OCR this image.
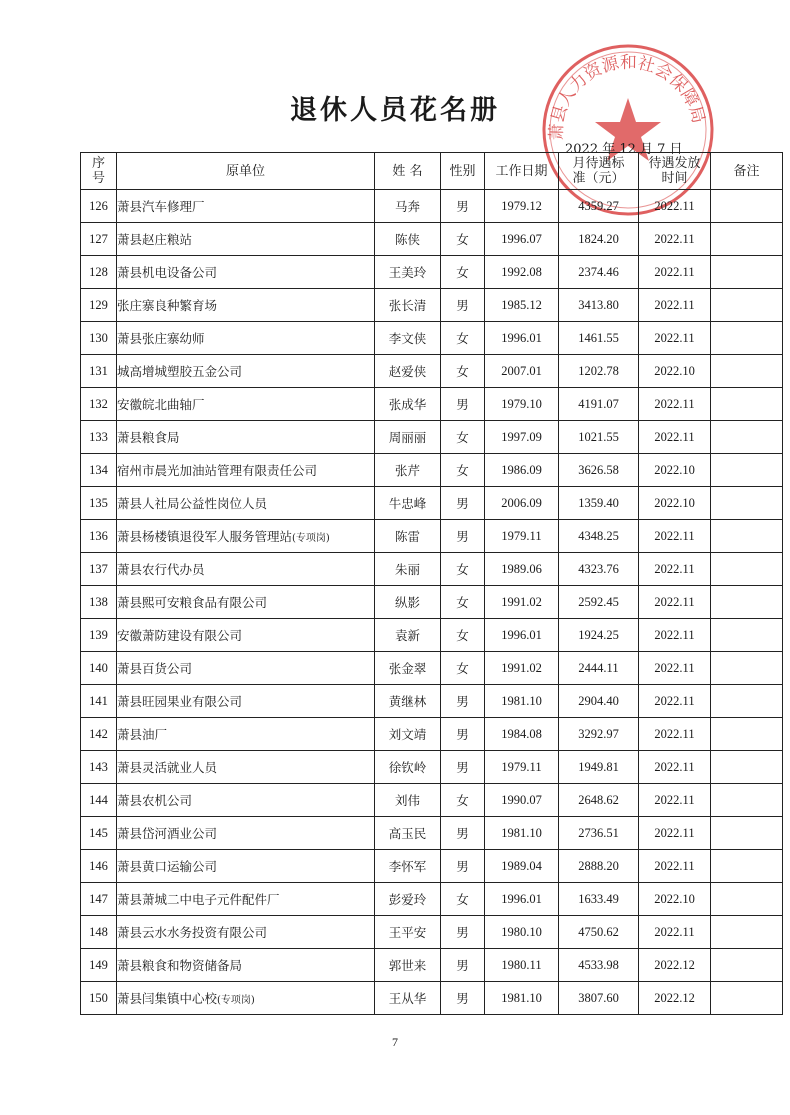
萧县人力资源和社会保障局
退休人员花名册
2022 年 12 月 7 日
序号	原单位	姓 名	性别	工作日期	月待遇标准（元）	待遇发放时间	备注
126	萧县汽车修理厂	马奔	男	1979.12	4359.27	2022.11	
127	萧县赵庄粮站	陈侠	女	1996.07	1824.20	2022.11	
128	萧县机电设备公司	王美玲	女	1992.08	2374.46	2022.11	
129	张庄寨良种繁育场	张长清	男	1985.12	3413.80	2022.11	
130	萧县张庄寨幼师	李文侠	女	1996.01	1461.55	2022.11	
131	城高增城塑胶五金公司	赵爱侠	女	2007.01	1202.78	2022.10	
132	安徽皖北曲轴厂	张成华	男	1979.10	4191.07	2022.11	
133	萧县粮食局	周丽丽	女	1997.09	1021.55	2022.11	
134	宿州市晨光加油站管理有限责任公司	张芹	女	1986.09	3626.58	2022.10	
135	萧县人社局公益性岗位人员	牛忠峰	男	2006.09	1359.40	2022.10	
136	萧县杨楼镇退役军人服务管理站(专项岗)	陈雷	男	1979.11	4348.25	2022.11	
137	萧县农行代办员	朱丽	女	1989.06	4323.76	2022.11	
138	萧县熙可安粮食品有限公司	纵影	女	1991.02	2592.45	2022.11	
139	安徽萧防建设有限公司	袁新	女	1996.01	1924.25	2022.11	
140	萧县百货公司	张金翠	女	1991.02	2444.11	2022.11	
141	萧县旺园果业有限公司	黄继林	男	1981.10	2904.40	2022.11	
142	萧县油厂	刘文靖	男	1984.08	3292.97	2022.11	
143	萧县灵活就业人员	徐钦岭	男	1979.11	1949.81	2022.11	
144	萧县农机公司	刘伟	女	1990.07	2648.62	2022.11	
145	萧县岱河酒业公司	高玉民	男	1981.10	2736.51	2022.11	
146	萧县黄口运输公司	李怀军	男	1989.04	2888.20	2022.11	
147	萧县萧城二中电子元件配件厂	彭爱玲	女	1996.01	1633.49	2022.10	
148	萧县云水水务投资有限公司	王平安	男	1980.10	4750.62	2022.11	
149	萧县粮食和物资储备局	郭世来	男	1980.11	4533.98	2022.12	
150	萧县闫集镇中心校(专项岗)	王从华	男	1981.10	3807.60	2022.12	
7
